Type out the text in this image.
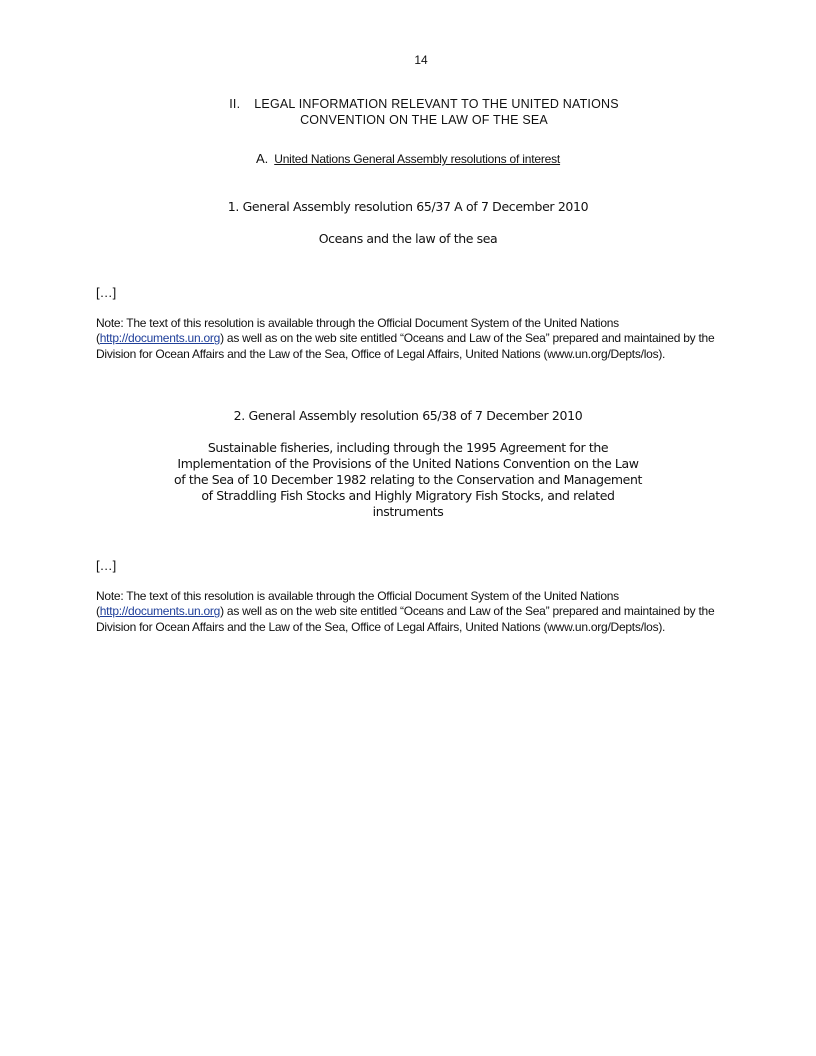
14
II. LEGAL INFORMATION RELEVANT TO THE UNITED NATIONS
CONVENTION ON THE LAW OF THE SEA
A. United Nations General Assembly resolutions of interest
1. General Assembly resolution 65/37 A of 7 December 2010
Oceans and the law of the sea
[…]
Note: The text of this resolution is available through the Official Document System of the United Nations (http://documents.un.org) as well as on the web site entitled “Oceans and Law of the Sea” prepared and maintained by the Division for Ocean Affairs and the Law of the Sea, Office of Legal Affairs, United Nations (www.un.org/Depts/los).
2. General Assembly resolution 65/38 of 7 December 2010
Sustainable fisheries, including through the 1995 Agreement for the
Implementation of the Provisions of the United Nations Convention on the Law
of the Sea of 10 December 1982 relating to the Conservation and Management
of Straddling Fish Stocks and Highly Migratory Fish Stocks, and related
instruments
[…]
Note: The text of this resolution is available through the Official Document System of the United Nations (http://documents.un.org) as well as on the web site entitled “Oceans and Law of the Sea” prepared and maintained by the Division for Ocean Affairs and the Law of the Sea, Office of Legal Affairs, United Nations (www.un.org/Depts/los).
